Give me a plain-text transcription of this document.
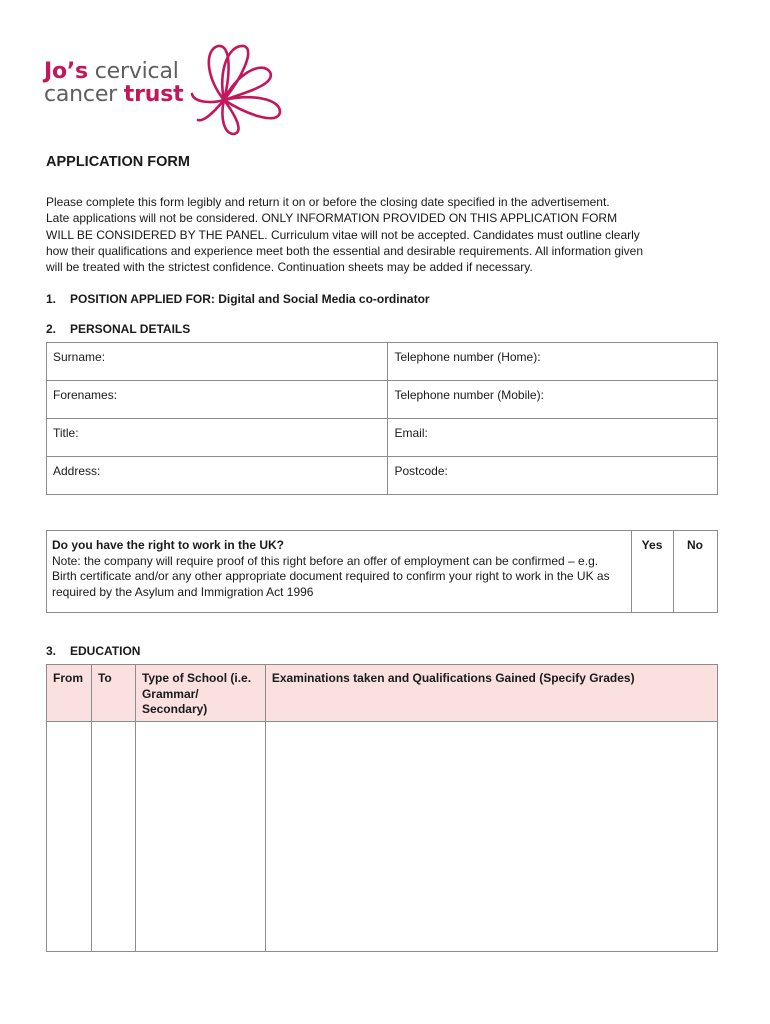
Jo’s cervical
cancer trust
APPLICATION FORM
Please complete this form legibly and return it on or before the closing date specified in the advertisement.
Late applications will not be considered. ONLY INFORMATION PROVIDED ON THIS APPLICATION FORM
WILL BE CONSIDERED BY THE PANEL. Curriculum vitae will not be accepted. Candidates must outline clearly
how their qualifications and experience meet both the essential and desirable requirements. All information given
will be treated with the strictest confidence. Continuation sheets may be added if necessary.
1. POSITION APPLIED FOR: Digital and Social Media co-ordinator
2. PERSONAL DETAILS
Surname:	Telephone number (Home):
Forenames:	Telephone number (Mobile):
Title:	Email:
Address:	Postcode:
Do you have the right to work in the UK?
Note: the company will require proof of this right before an offer of employment can be confirmed – e.g. Birth certificate and/or any other appropriate document required to confirm your right to work in the UK as required by the Asylum and Immigration Act 1996
	Yes	No
3. EDUCATION
From	To	Type of School (i.e. Grammar/ Secondary)	Examinations taken and Qualifications Gained (Specify Grades)
